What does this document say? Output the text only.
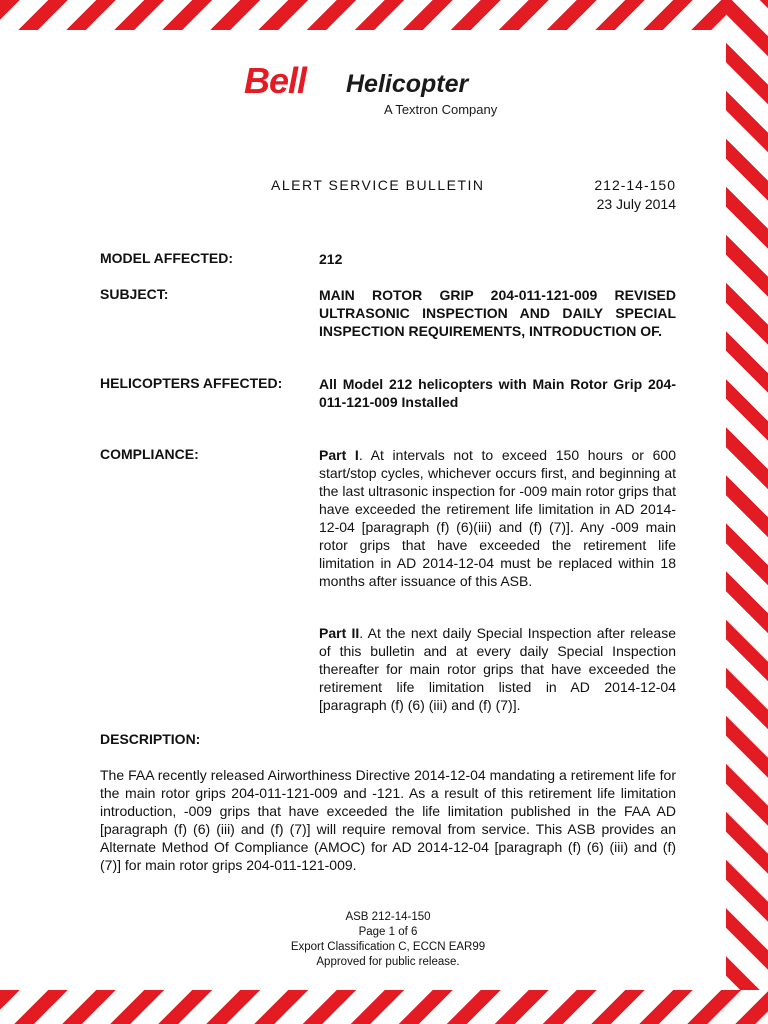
Bell Helicopter
A Textron Company
ALERT SERVICE BULLETIN	212-14-150
23 July 2014
MODEL AFFECTED:	212
SUBJECT:	MAIN ROTOR GRIP 204-011-121-009 REVISED ULTRASONIC INSPECTION AND DAILY SPECIAL INSPECTION REQUIREMENTS, INTRODUCTION OF.
HELICOPTERS AFFECTED:	All Model 212 helicopters with Main Rotor Grip 204-011-121-009 Installed
COMPLIANCE:	Part I. At intervals not to exceed 150 hours or 600 start/stop cycles, whichever occurs first, and beginning at the last ultrasonic inspection for -009 main rotor grips that have exceeded the retirement life limitation in AD 2014-12-04 [paragraph (f) (6)(iii) and (f) (7)]. Any -009 main rotor grips that have exceeded the retirement life limitation in AD 2014-12-04 must be replaced within 18 months after issuance of this ASB.
Part II. At the next daily Special Inspection after release of this bulletin and at every daily Special Inspection thereafter for main rotor grips that have exceeded the retirement life limitation listed in AD 2014-12-04 [paragraph (f) (6) (iii) and (f) (7)].
DESCRIPTION:
The FAA recently released Airworthiness Directive 2014-12-04 mandating a retirement life for the main rotor grips 204-011-121-009 and -121. As a result of this retirement life limitation introduction, -009 grips that have exceeded the life limitation published in the FAA AD [paragraph (f) (6) (iii) and (f) (7)] will require removal from service. This ASB provides an Alternate Method Of Compliance (AMOC) for AD 2014-12-04 [paragraph (f) (6) (iii) and (f) (7)] for main rotor grips 204-011-121-009.
ASB 212-14-150
Page 1 of 6
Export Classification C, ECCN EAR99
Approved for public release.
